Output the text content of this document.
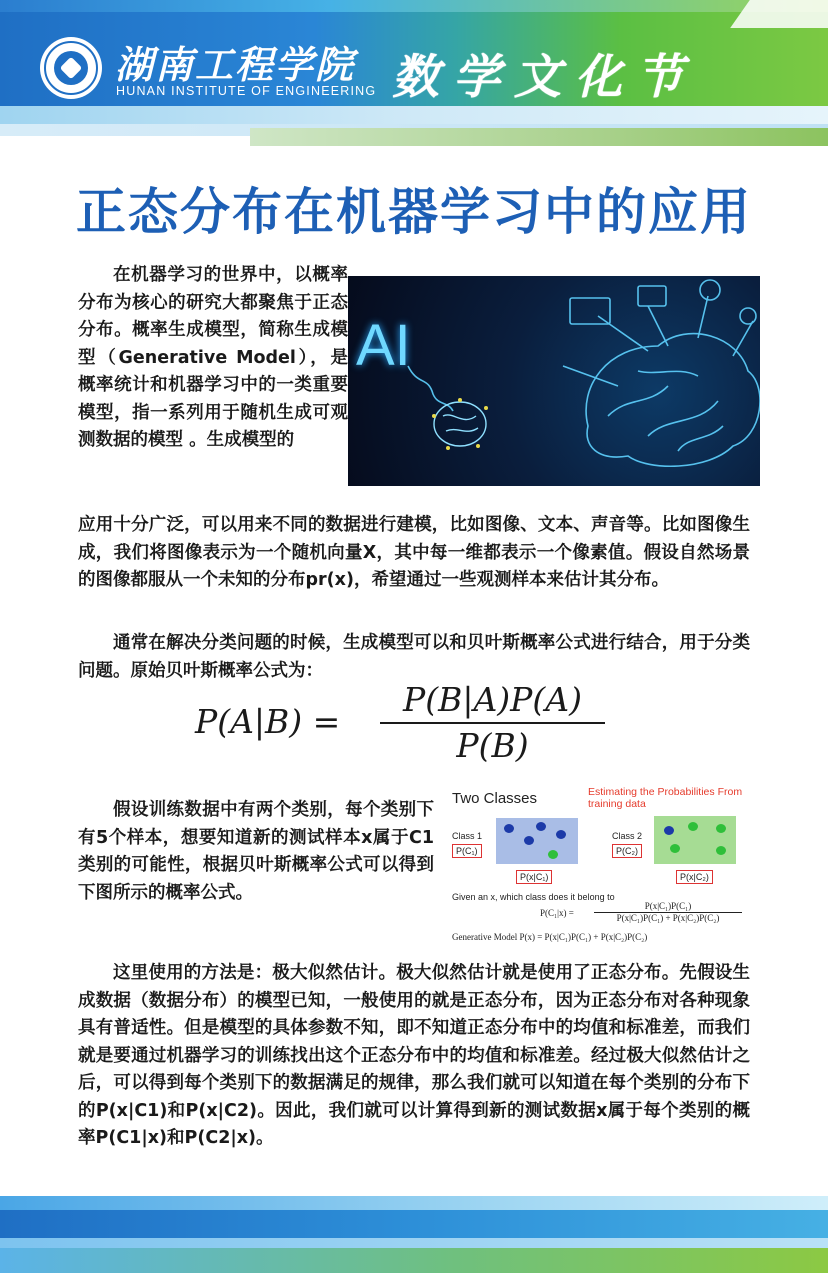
湖南工程学院
HUNAN INSTITUTE OF ENGINEERING 数学文化节
正态分布在机器学习中的应用
在机器学习的世界中，以概率分布为核心的研究大都聚焦于正态分布。概率生成模型，简称生成模型（Generative Model），是概率统计和机器学习中的一类重要模型，指一系列用于随机生成可观测数据的模型 。生成模型的
AI
应用十分广泛，可以用来不同的数据进行建模，比如图像、文本、声音等。比如图像生成，我们将图像表示为一个随机向量X，其中每一维都表示一个像素值。假设自然场景的图像都服从一个未知的分布pr(x)，希望通过一些观测样本来估计其分布。
通常在解决分类问题的时候，生成模型可以和贝叶斯概率公式进行结合，用于分类问题。原始贝叶斯概率公式为：
P(A|B) =
P(B|A)P(A)
P(B)
假设训练数据中有两个类别，每个类别下有5个样本，想要知道新的测试样本x属于C1类别的可能性，根据贝叶斯概率公式可以得到下图所示的概率公式。
Two Classes	Estimating the Probabilities From training data
Class 1
P(C₁)
P(x|C₁)
Class 2
P(C₂)
P(x|C₂)
Given an x, which class does it belong to
P(C₁|x) =
P(x|C₁)P(C₁)
P(x|C₁)P(C₁) + P(x|C₂)P(C₂)
Generative Model P(x) = P(x|C₁)P(C₁) + P(x|C₂)P(C₂)
这里使用的方法是：极大似然估计。极大似然估计就是使用了正态分布。先假设生成数据（数据分布）的模型已知，一般使用的就是正态分布，因为正态分布对各种现象具有普适性。但是模型的具体参数不知，即不知道正态分布中的均值和标准差，而我们就是要通过机器学习的训练找出这个正态分布中的均值和标准差。经过极大似然估计之后，可以得到每个类别下的数据满足的规律，那么我们就可以知道在每个类别的分布下的P(x|C1)和P(x|C2)。因此，我们就可以计算得到新的测试数据x属于每个类别的概率P(C1|x)和P(C2|x)。
